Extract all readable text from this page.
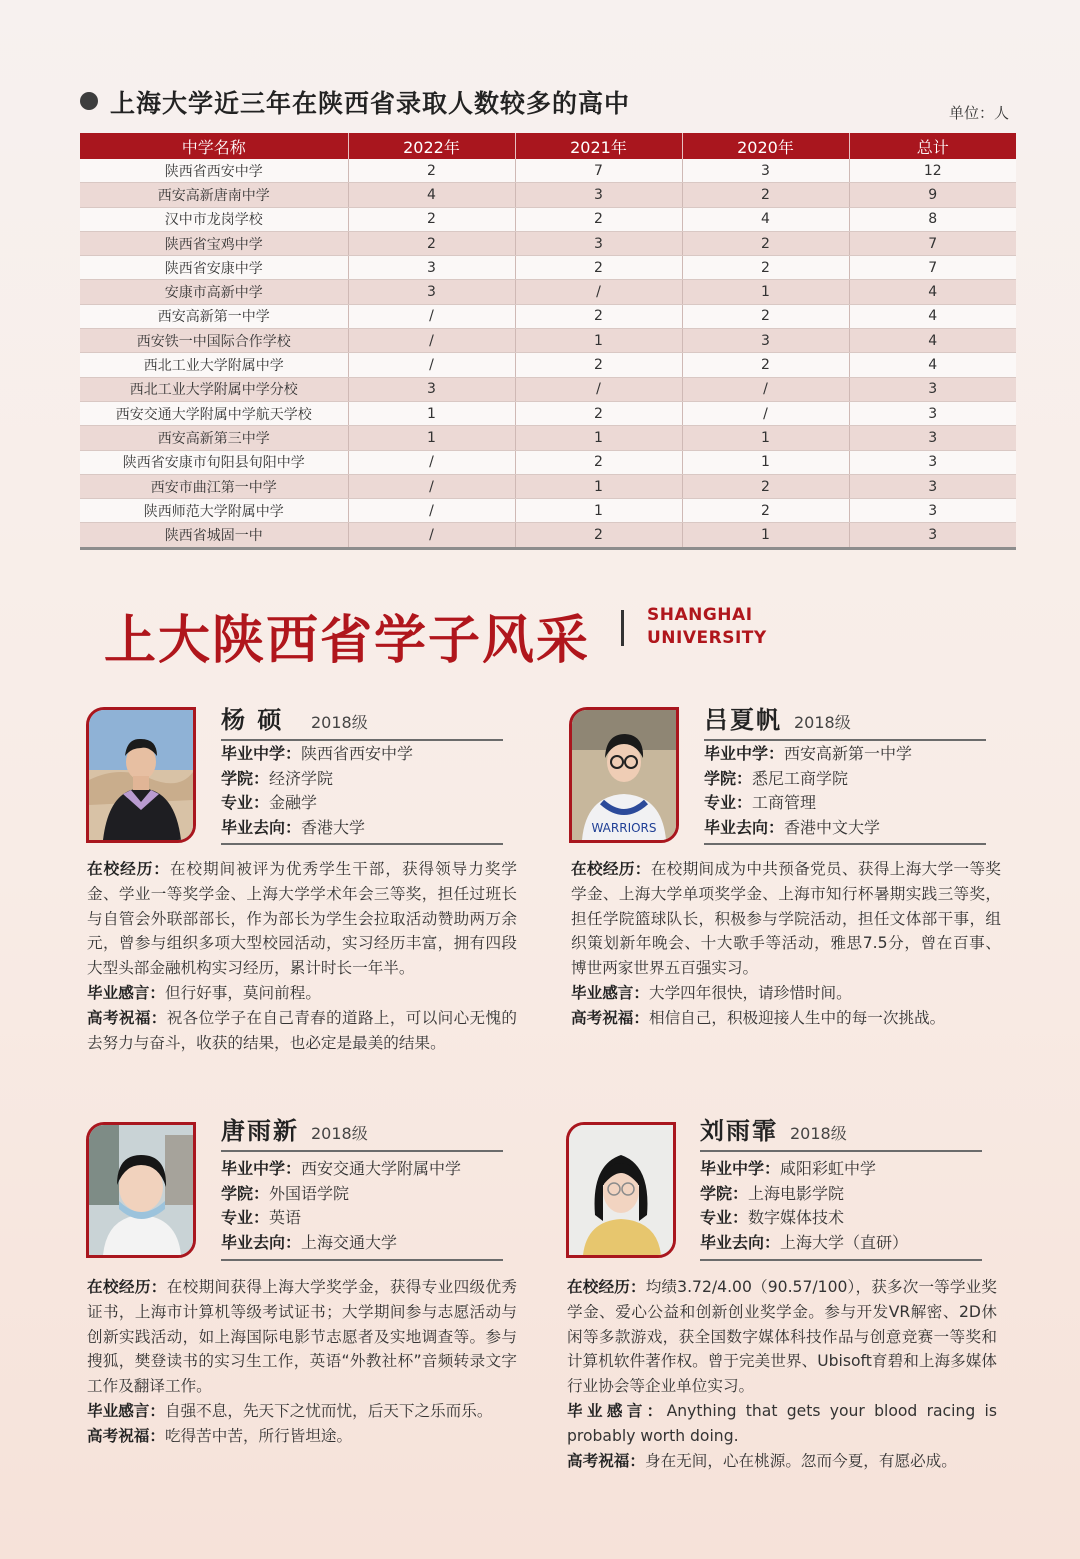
上海大学近三年在陕西省录取人数较多的高中	单位：人
中学名称	2022年	2021年	2020年	总计
陕西省西安中学	2	7	3	12
西安高新唐南中学	4	3	2	9
汉中市龙岗学校	2	2	4	8
陕西省宝鸡中学	2	3	2	7
陕西省安康中学	3	2	2	7
安康市高新中学	3	/	1	4
西安高新第一中学	/	2	2	4
西安铁一中国际合作学校	/	1	3	4
西北工业大学附属中学	/	2	2	4
西北工业大学附属中学分校	3	/	/	3
西安交通大学附属中学航天学校	1	2	/	3
西安高新第三中学	1	1	1	3
陕西省安康市旬阳县旬阳中学	/	2	1	3
西安市曲江第一中学	/	1	2	3
陕西师范大学附属中学	/	1	2	3
陕西省城固一中	/	2	1	3
上大陕西省学子风采	SHANGHAI
UNIVERSITY
杨 硕 2018级
毕业中学：陕西省西安中学
学院：经济学院
专业：金融学
毕业去向：香港大学

在校经历：在校期间被评为优秀学生干部，获得领导力奖学金、学业一等奖学金、上海大学学术年会三等奖，担任过班长与自管会外联部部长，作为部长为学生会拉取活动赞助两万余元，曾参与组织多项大型校园活动，实习经历丰富，拥有四段大型头部金融机构实习经历，累计时长一年半。

毕业感言：但行好事，莫问前程。

高考祝福：祝各位学子在自己青春的道路上，可以问心无愧的去努力与奋斗，收获的结果，也必定是最美的结果。

WARRIORS
吕夏帆 2018级
毕业中学：西安高新第一中学
学院：悉尼工商学院
专业：工商管理
毕业去向：香港中文大学

在校经历：在校期间成为中共预备党员、获得上海大学一等奖学金、上海大学单项奖学金、上海市知行杯暑期实践三等奖，担任学院篮球队长，积极参与学院活动，担任文体部干事，组织策划新年晚会、十大歌手等活动，雅思7.5分，曾在百事、博世两家世界五百强实习。

毕业感言：大学四年很快，请珍惜时间。

高考祝福：相信自己，积极迎接人生中的每一次挑战。

唐雨新 2018级
毕业中学：西安交通大学附属中学
学院：外国语学院
专业：英语
毕业去向：上海交通大学

在校经历：在校期间获得上海大学奖学金，获得专业四级优秀证书，上海市计算机等级考试证书；大学期间参与志愿活动与创新实践活动，如上海国际电影节志愿者及实地调查等。参与搜狐，樊登读书的实习生工作，英语“外教社杯”音频转录文字工作及翻译工作。

毕业感言：自强不息，先天下之忧而忧，后天下之乐而乐。

高考祝福：吃得苦中苦，所行皆坦途。

刘雨霏 2018级
毕业中学：咸阳彩虹中学
学院：上海电影学院
专业：数字媒体技术
毕业去向：上海大学（直研）

在校经历：均绩3.72/4.00（90.57/100），获多次一等学业奖学金、爱心公益和创新创业奖学金。参与开发VR解密、2D休闲等多款游戏，获全国数字媒体科技作品与创意竞赛一等奖和计算机软件著作权。曾于完美世界、Ubisoft育碧和上海多媒体行业协会等企业单位实习。

毕业感言：Anything that gets your blood racing is probably worth doing.

高考祝福：身在无间，心在桃源。忽而今夏，有愿必成。
